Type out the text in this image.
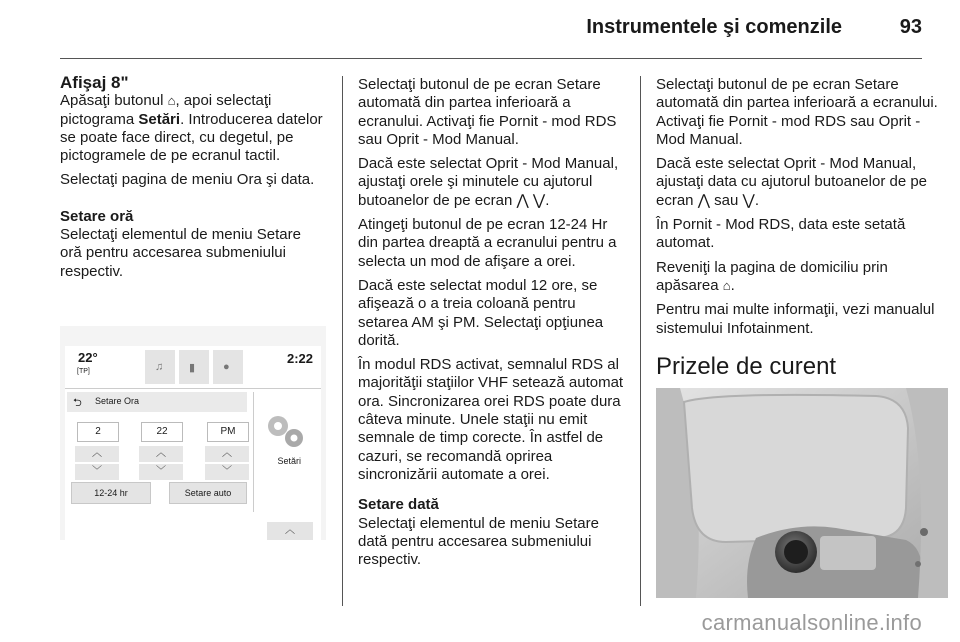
Instrumentele şi comenzile	93
Afişaj 8"

Apăsaţi butonul ⌂, apoi selectaţi pictograma Setări. Introducerea datelor se poate face direct, cu degetul, pe pictogramele de pe ecranul tactil.

Selectaţi pagina de meniu Ora şi data.

Setare oră

Selectaţi elementul de meniu Setare oră pentru accesarea submeniului respectiv.

22°
[TP]	♫ ▮	●
2:22
⮌ Setare Ora
2	22	PM
︿
﹀
︿
﹀
︿
﹀
12-24 hr	Setare auto
Setări
︿

Selectaţi butonul de pe ecran Setare automată din partea inferioară a ecranului. Activaţi fie Pornit - mod RDS sau Oprit - Mod Manual.

Dacă este selectat Oprit - Mod Manual, ajustaţi orele şi minutele cu ajutorul butoanelor de pe ecran ⋀ ⋁.

Atingeţi butonul de pe ecran 12-24 Hr din partea dreaptă a ecranului pentru a selecta un mod de afişare a orei.

Dacă este selectat modul 12 ore, se afişează o a treia coloană pentru setarea AM şi PM. Selectaţi opţiunea dorită.

În modul RDS activat, semnalul RDS al majorităţii staţiilor VHF setează automat ora. Sincronizarea orei RDS poate dura câteva minute. Unele staţii nu emit semnale de timp corecte. În astfel de cazuri, se recomandă oprirea sincronizării automate a orei.

Setare dată

Selectaţi elementul de meniu Setare dată pentru accesarea submeniului respectiv.

Selectaţi butonul de pe ecran Setare automată din partea inferioară a ecranului. Activaţi fie Pornit - mod RDS sau Oprit - Mod Manual.

Dacă este selectat Oprit - Mod Manual, ajustaţi data cu ajutorul butoanelor de pe ecran ⋀ sau ⋁.

În Pornit - Mod RDS, data este setată automat.

Reveniţi la pagina de domiciliu prin apăsarea ⌂.

Pentru mai multe informaţii, vezi manualul sistemului Infotainment.

Prizele de curent
carmanualsonline.info
